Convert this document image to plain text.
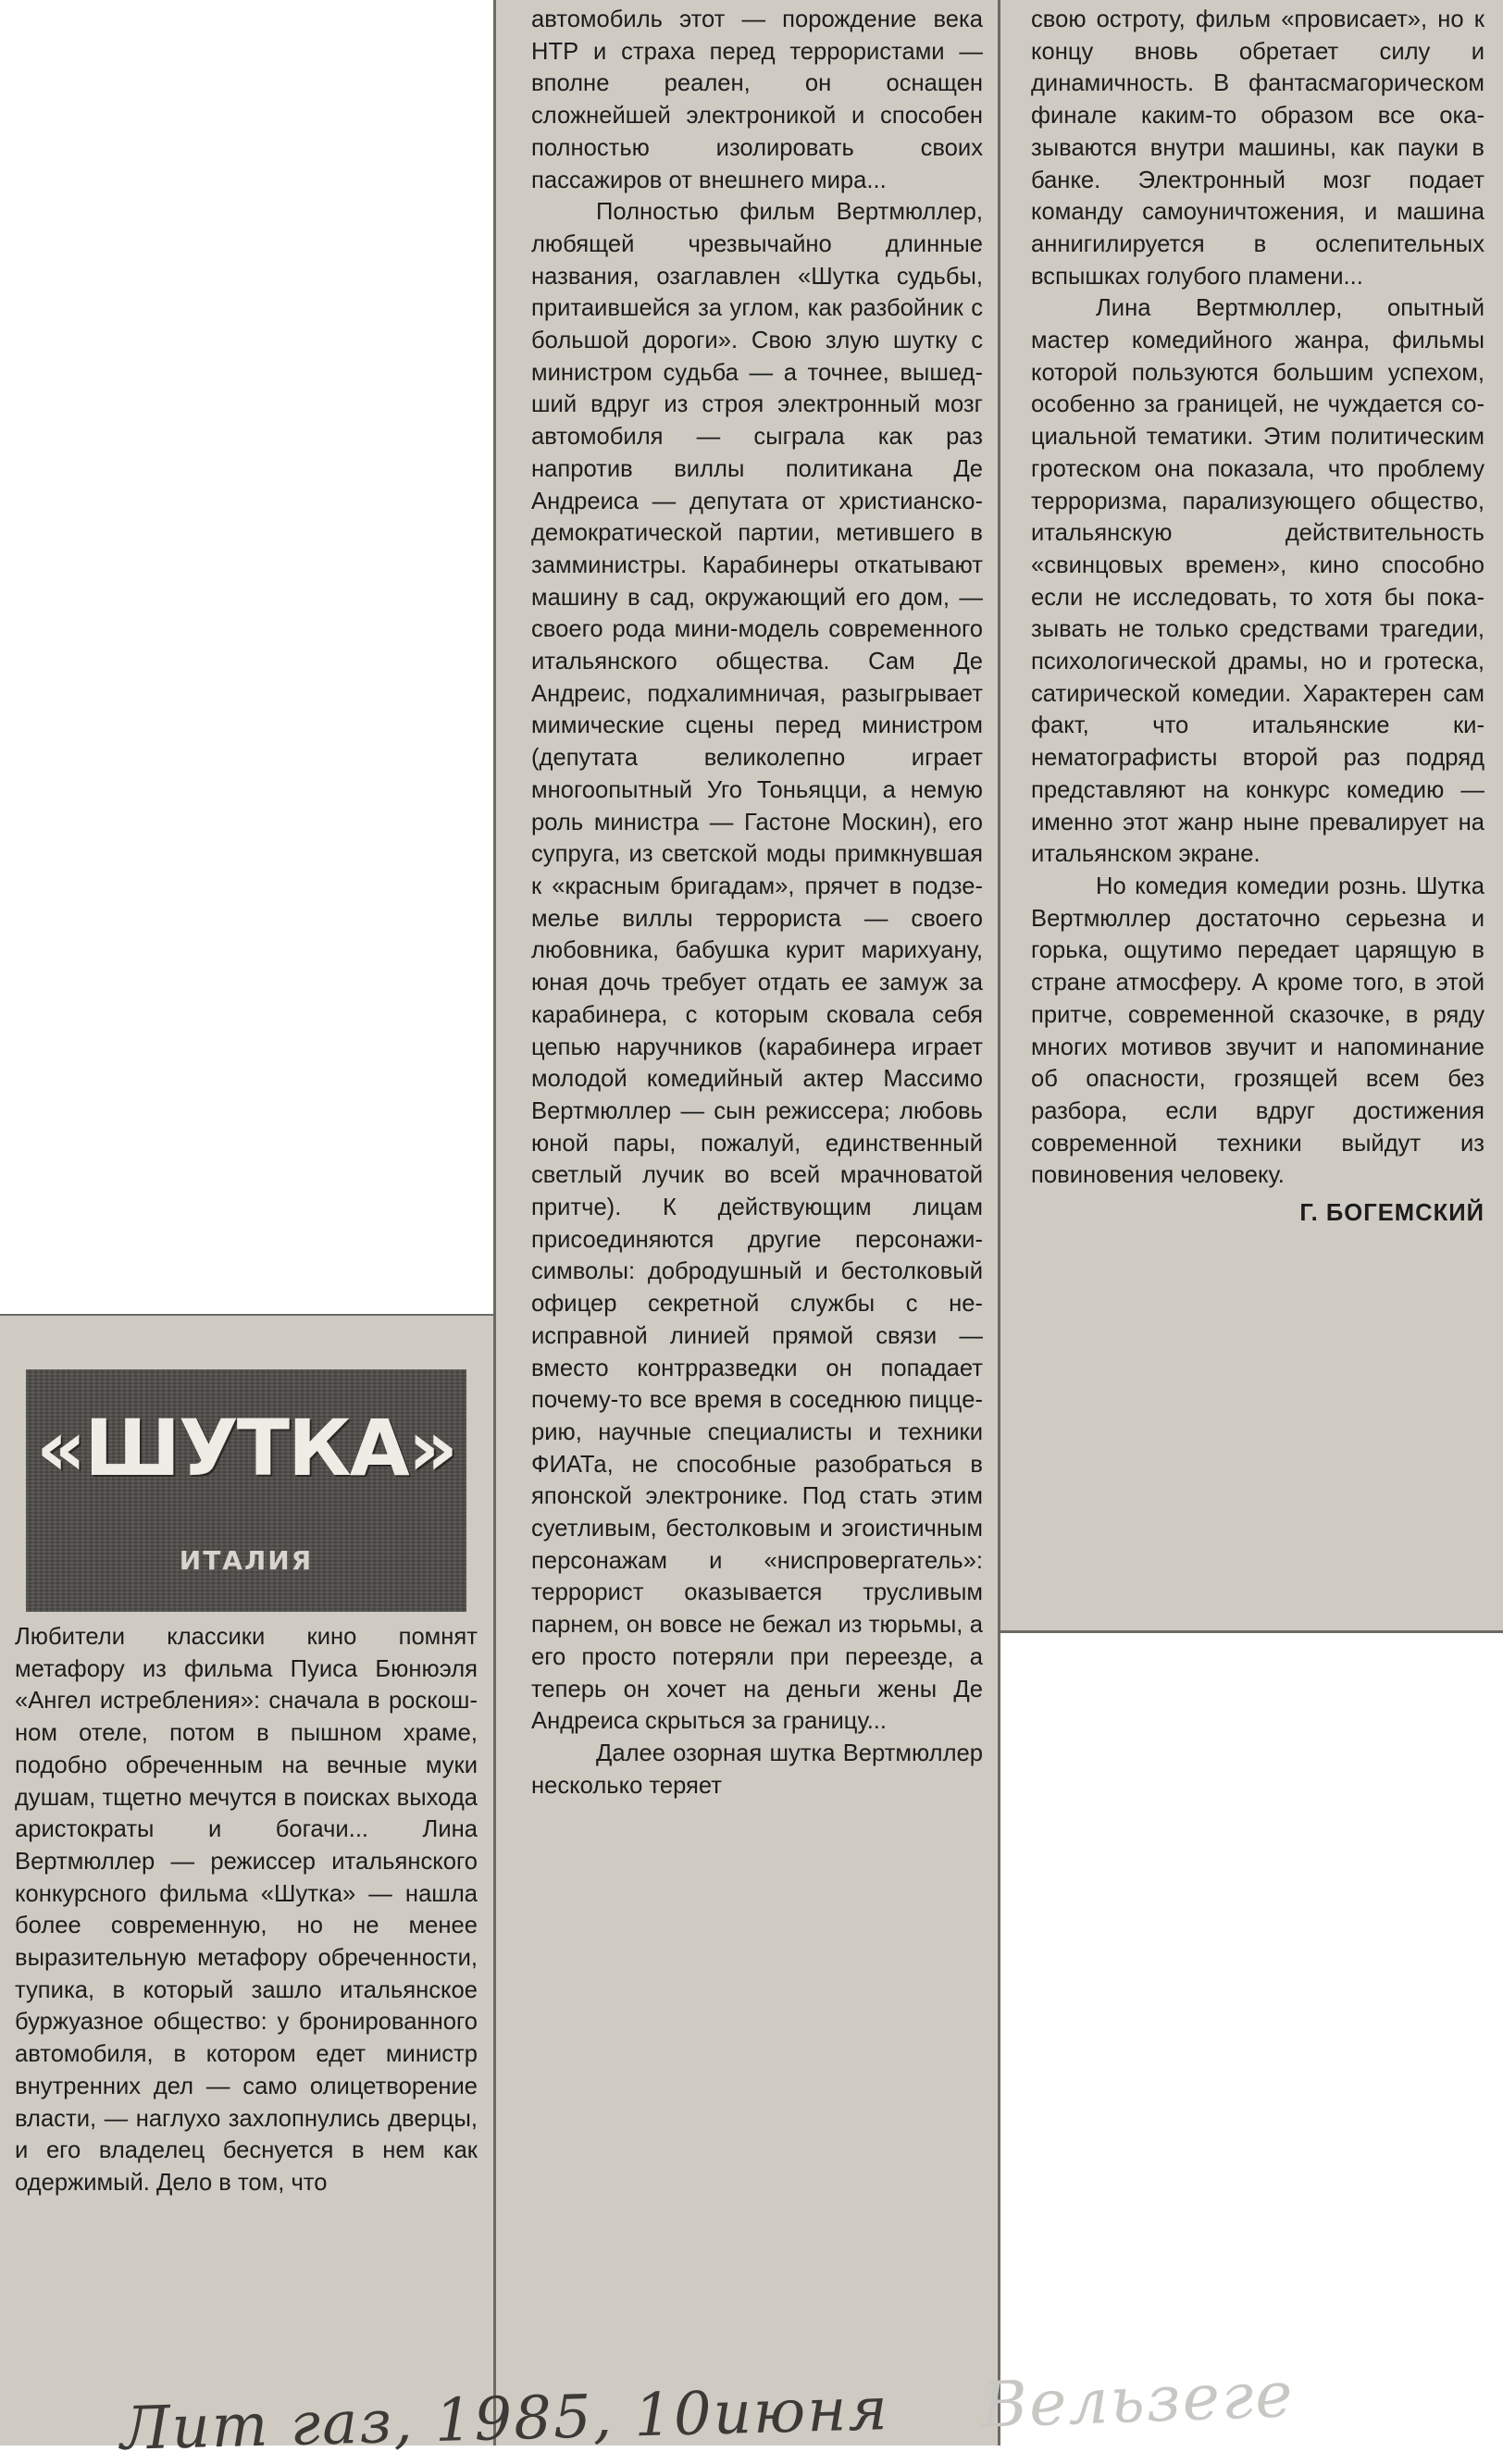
«ШУТКА»
ИТАЛИЯ

Любители классики кино помнят метафору из фильма Пуиса Бюнюэля «Ангел истребления»: сначала в роскошном отеле, потом в пышном храме, подобно обреченным на вечные муки душам, тщетно мечутся в поисках выхода аристократы и богачи... Лина Вертмюллер — режиссер итальянского конкурсного фильма «Шутка» — нашла более современную, но не менее выразительную метафору обреченности, тупика, в который зашло итальянское буржуазное общество: у бронированного автомобиля, в котором едет министр внутренних дел — само олицетворение власти, — наглухо захлопнулись дверцы, и его владелец беснуется в нем как одержимый. Дело в том, что

автомобиль этот — порождение века НТР и страха перед террористами — вполне реален, он оснащен сложнейшей электроникой и способен полностью изолировать своих пассажиров от внешнего мира...

Полностью фильм Вертмюллер, любящей чрезвычайно длинные названия, озаглавлен «Шутка судьбы, притаившейся за углом, как разбойник с большой дороги». Свою злую шутку с министром судьба — а точнее, вышедший вдруг из строя электронный мозг автомобиля — сыграла как раз напротив виллы политикана Де Андреиса — депутата от христианско-демократической партии, метившего в замминистры. Карабинеры откатывают машину в сад, окружающий его дом, — своего рода мини-модель современного итальянского общества. Сам Де Андреис, подхалимничая, разыгрывает мимические сцены перед министром (депутата великолепно играет многоопытный Уго Тоньяцци, а немую роль министра — Гастоне Москин), его супруга, из светской моды примкнувшая к «красным бригадам», прячет в подземелье виллы террориста — своего любовника, бабушка курит марихуану, юная дочь требует отдать ее замуж за карабинера, с которым сковала себя цепью наручников (карабинера играет молодой комедийный актер Массимо Вертмюллер — сын режиссера; любовь юной пары, пожалуй, единственный светлый лучик во всей мрачноватой притче). К действующим лицам присоединяются другие персонажи-символы: добродушный и бестолковый офицер секретной службы с неисправной линией прямой связи — вместо контрразведки он попадает почему-то все время в соседнюю пиццeрию, научные специалисты и техники ФИАТа, не способные разобраться в японской электронике. Под стать этим суетливым, бестолковым и эгоистичным персонажам и «ниспровергатель»: террорист оказывается трусливым парнем, он вовсе не бежал из тюрьмы, а его просто потеряли при переезде, а теперь он хочет на деньги жены Де Андреиса скрыться за границу...

Далее озорная шутка Вертмюллер несколько теряет

свою остроту, фильм «провисает», но к концу вновь обретает силу и динамичность. В фантасмагорическом финале каким-то образом все оказываются внутри машины, как пауки в банке. Электронный мозг подает команду самоуничтожения, и машина аннигилируется в ослепительных вспышках голубого пламени...

Лина Вертмюллер, опытный мастер комедийного жанра, фильмы которой пользуются большим успехом, особенно за границей, не чуждается социальной тематики. Этим политическим гротеском она показала, что проблему терроризма, парализующего общество, итальянскую действительность «свинцовых времен», кино способно если не исследовать, то хотя бы показывать не только средствами трагедии, психологической драмы, но и гротеска, сатирической комедии. Характерен сам факт, что итальянские кинематографисты второй раз подряд представляют на конкурс комедию — именно этот жанр ныне превалирует на итальянском экране.

Но комедия комедии рознь. Шутка Вертмюллер достаточно серьезна и горька, ощутимо передает царящую в стране атмосферу. А кроме того, в этой притче, современной сказочке, в ряду многих мотивов звучит и напоминание об опасности, грозящей всем без разбора, если вдруг достижения современной техники выйдут из повиновения человеку.

Г. БОГЕМСКИЙ

Лит газ, 1985, 10июня Вельзеге
